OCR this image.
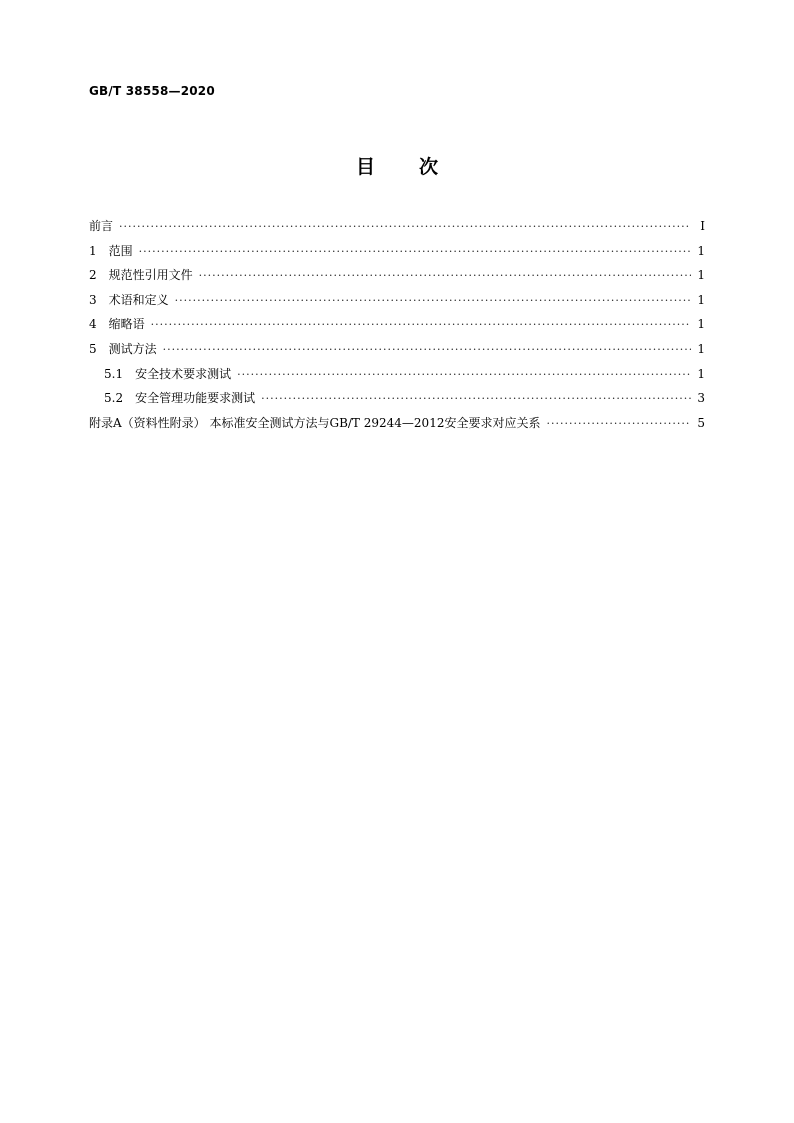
GB/T 38558—2020
目次
前言 ·····	Ⅰ
1 范围 ·····	1
2 规范性引用文件 ·····	1
3 术语和定义 ·····	1
4 缩略语 ·····	1
5 测试方法 ·····	1
5.1 安全技术要求测试 ·····	1
5.2 安全管理功能要求测试 ·····	3
附录A（资料性附录） 本标准安全测试方法与GB/T 29244—2012安全要求对应关系 ·····	5
